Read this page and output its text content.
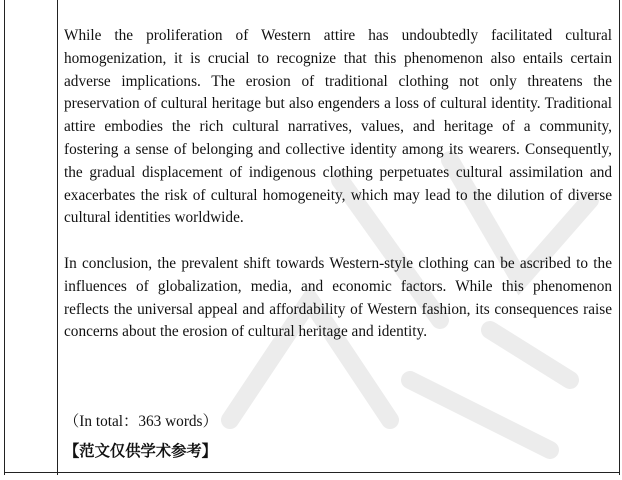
While the proliferation of Western attire has undoubtedly facilitated cultural homogenization, it is crucial to recognize that this phenomenon also entails certain adverse implications. The erosion of traditional clothing not only threatens the preservation of cultural heritage but also engenders a loss of cultural identity. Traditional attire embodies the rich cultural narratives, values, and heritage of a community, fostering a sense of belonging and collective identity among its wearers. Consequently, the gradual displacement of indigenous clothing perpetuates cultural assimilation and exacerbates the risk of cultural homogeneity, which may lead to the dilution of diverse cultural identities worldwide.

In conclusion, the prevalent shift towards Western-style clothing can be ascribed to the influences of globalization, media, and economic factors. While this phenomenon reflects the universal appeal and affordability of Western fashion, its consequences raise concerns about the erosion of cultural heritage and identity.

（In total：363 words）
【范文仅供学术参考】
